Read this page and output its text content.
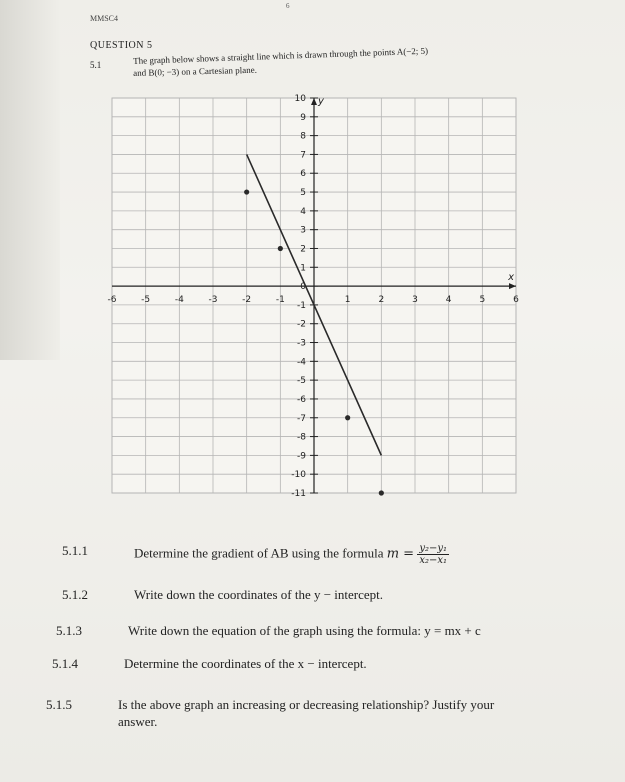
6
MMSC4
QUESTION 5
5.1	The graph below shows a straight line which is drawn through the points A(−2; 5)
and B(0; −3) on a Cartesian plane.
x
y
-6	-5	-4	-3	-2	-1	1	2	3	4	5	6
10
9
8
7
6
5
4
3
2
1
0
-1
-2
-3
-4
-5
-6
-7
-8
-9
-10
-11
5.1.1	Determine the gradient of AB using the formula $m = \frac{\text{y₂−y₁}}{\text{x₂−x₁}}$
5.1.2	Write down the coordinates of the y − intercept.
5.1.3	Write down the equation of the graph using the formula: y = mx + c
5.1.4	Determine the coordinates of the x − intercept.
5.1.5	Is the above graph an increasing or decreasing relationship? Justify your
answer.
